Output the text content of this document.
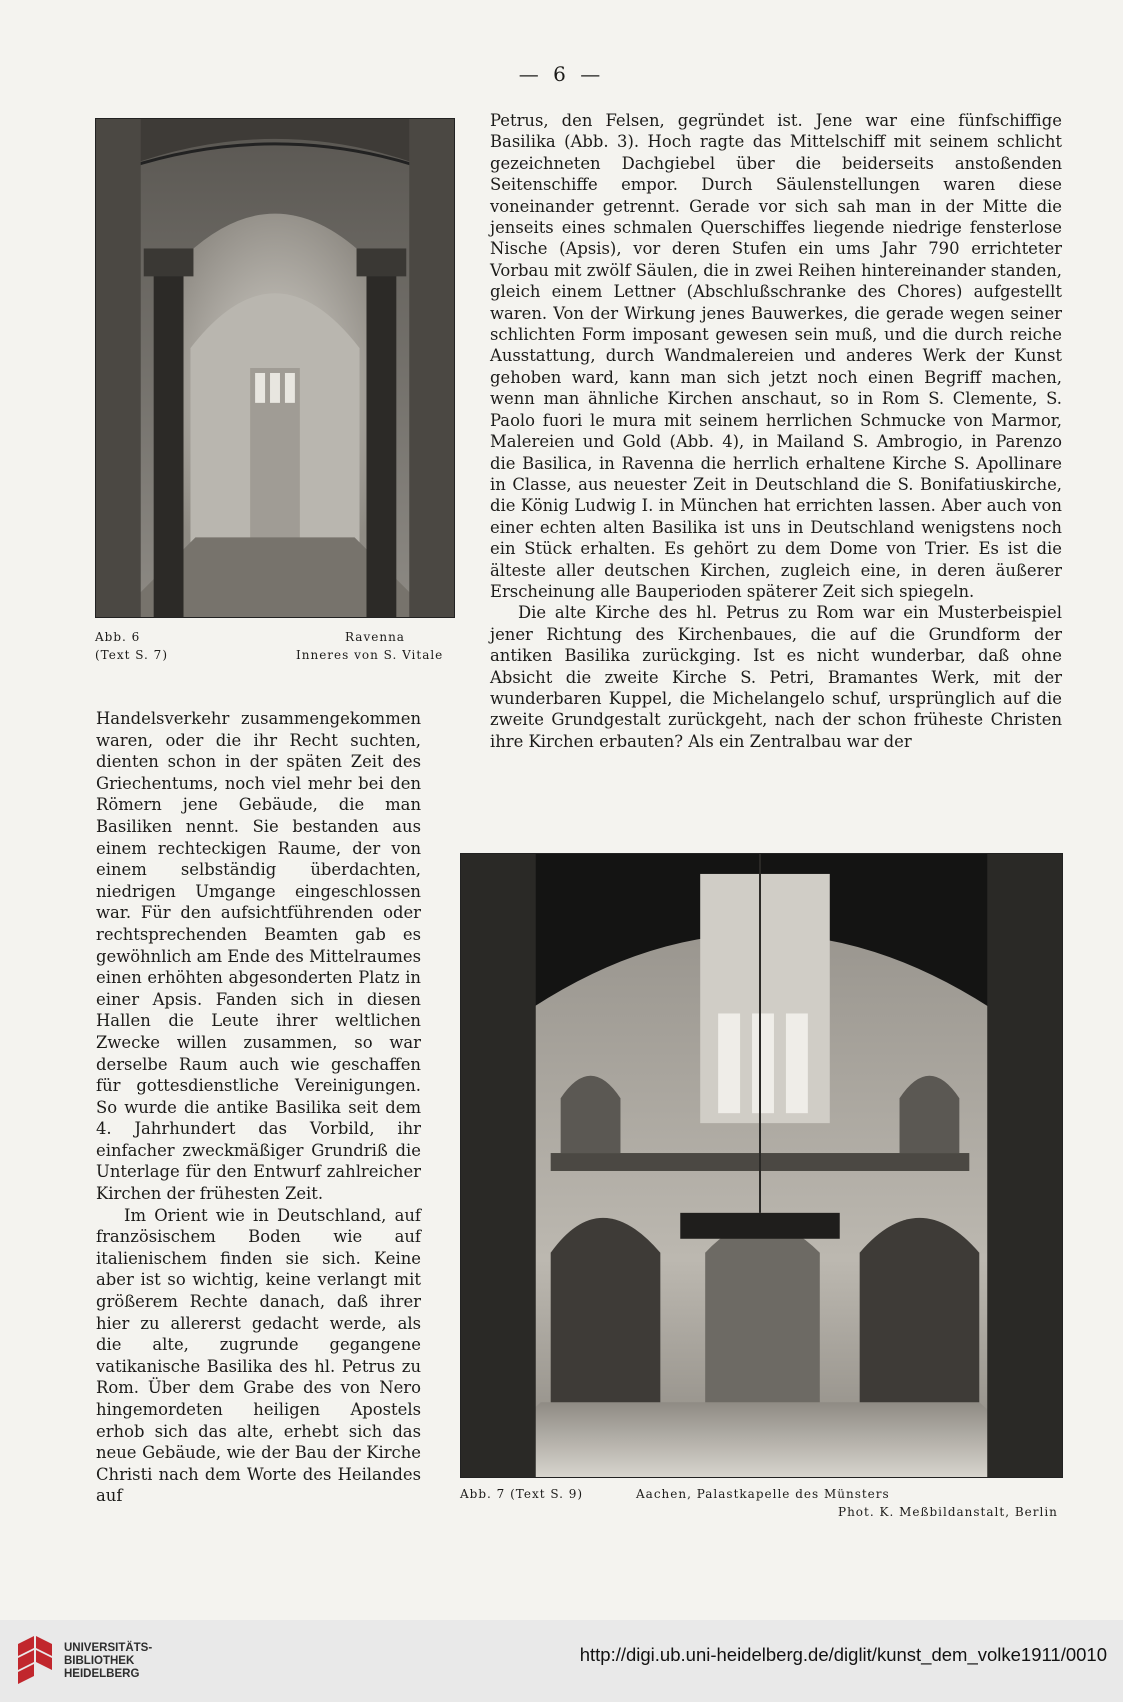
— 6 —
Abb. 6
(Text S. 7)
Ravenna
Inneres von S. Vitale

Petrus, den Felsen, gegründet ist. Jene war eine fünfschiffige Basilika (Abb. 3). Hoch ragte das Mittelschiff mit seinem schlicht gezeichneten Dachgiebel über die beiderseits anstoßenden Seitenschiffe empor. Durch Säulenstellungen waren diese voneinander getrennt. Gerade vor sich sah man in der Mitte die jenseits eines schmalen Querschiffes liegende niedrige fensterlose Nische (Apsis), vor deren Stufen ein ums Jahr 790 errichteter Vorbau mit zwölf Säulen, die in zwei Reihen hintereinander standen, gleich einem Lettner (Abschlußschranke des Chores) aufgestellt waren. Von der Wirkung jenes Bauwerkes, die gerade wegen seiner schlichten Form imposant gewesen sein muß, und die durch reiche Ausstattung, durch Wandmalereien und anderes Werk der Kunst gehoben ward, kann man sich jetzt noch einen Begriff machen, wenn man ähnliche Kirchen anschaut, so in Rom S. Clemente, S. Paolo fuori le mura mit seinem herrlichen Schmucke von Marmor, Malereien und Gold (Abb. 4), in Mailand S. Ambrogio, in Parenzo die Basilica, in Ravenna die herrlich erhaltene Kirche S. Apollinare in Classe, aus neuester Zeit in Deutschland die S. Bonifatiuskirche, die König Ludwig I. in München hat errichten lassen. Aber auch von einer echten alten Basilika ist uns in Deutschland wenigstens noch ein Stück erhalten. Es gehört zu dem Dome von Trier. Es ist die älteste aller deutschen Kirchen, zugleich eine, in deren äußerer Erscheinung alle Bauperioden späterer Zeit sich spiegeln.

Die alte Kirche des hl. Petrus zu Rom war ein Musterbeispiel jener Richtung des Kirchenbaues, die auf die Grundform der antiken Basilika zurückging. Ist es nicht wunderbar, daß ohne Absicht die zweite Kirche S. Petri, Bramantes Werk, mit der wunderbaren Kuppel, die Michelangelo schuf, ursprünglich auf die zweite Grundgestalt zurückgeht, nach der schon früheste Christen ihre Kirchen erbauten? Als ein Zentralbau war der

Handelsverkehr zusammengekommen waren, oder die ihr Recht suchten, dienten schon in der späten Zeit des Griechentums, noch viel mehr bei den Römern jene Gebäude, die man Basiliken nennt. Sie bestanden aus einem rechteckigen Raume, der von einem selbständig überdachten, niedrigen Umgange eingeschlossen war. Für den aufsichtführenden oder rechtsprechenden Beamten gab es gewöhnlich am Ende des Mittelraumes einen erhöhten abgesonderten Platz in einer Apsis. Fanden sich in diesen Hallen die Leute ihrer weltlichen Zwecke willen zusammen, so war derselbe Raum auch wie geschaffen für gottesdienstliche Vereinigungen. So wurde die antike Basilika seit dem 4. Jahrhundert das Vorbild, ihr einfacher zweckmäßiger Grundriß die Unterlage für den Entwurf zahlreicher Kirchen der frühesten Zeit.

Im Orient wie in Deutschland, auf französischem Boden wie auf italienischem finden sie sich. Keine aber ist so wichtig, keine verlangt mit größerem Rechte danach, daß ihrer hier zu allererst gedacht werde, als die alte, zugrunde gegangene vatikanische Basilika des hl. Petrus zu Rom. Über dem Grabe des von Nero hingemordeten heiligen Apostels erhob sich das alte, erhebt sich das neue Gebäude, wie der Bau der Kirche Christi nach dem Worte des Heilandes auf	Abb. 7 (Text S. 9)	Aachen, Palastkapelle des Münsters
Phot. K. Meßbildanstalt, Berlin
UNIVERSITÄTS-
BIBLIOTHEK
HEIDELBERG
http://digi.ub.uni-heidelberg.de/diglit/kunst_dem_volke1911/0010
